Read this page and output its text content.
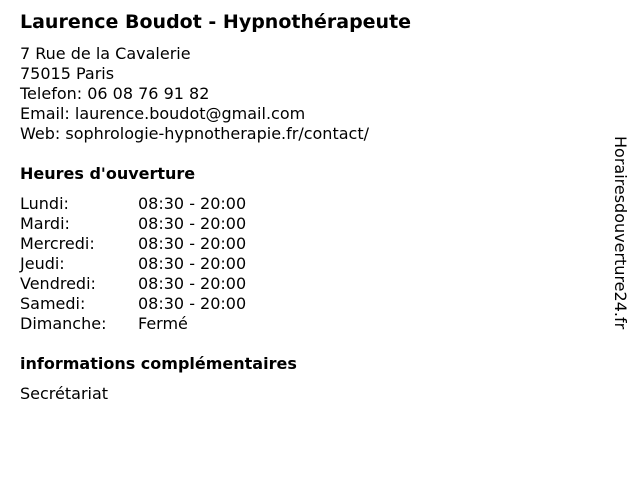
Laurence Boudot - Hypnothérapeute
7 Rue de la Cavalerie
75015 Paris
Telefon: 06 08 76 91 82
Email: laurence.boudot@gmail.com
Web: sophrologie-hypnotherapie.fr/contact/
Heures d'ouverture
Lundi:	08:30 - 20:00
Mardi:	08:30 - 20:00
Mercredi:	08:30 - 20:00
Jeudi:	08:30 - 20:00
Vendredi:	08:30 - 20:00
Samedi:	08:30 - 20:00
Dimanche:	Fermé
informations complémentaires
Secrétariat
Horairesdouverture24.fr
